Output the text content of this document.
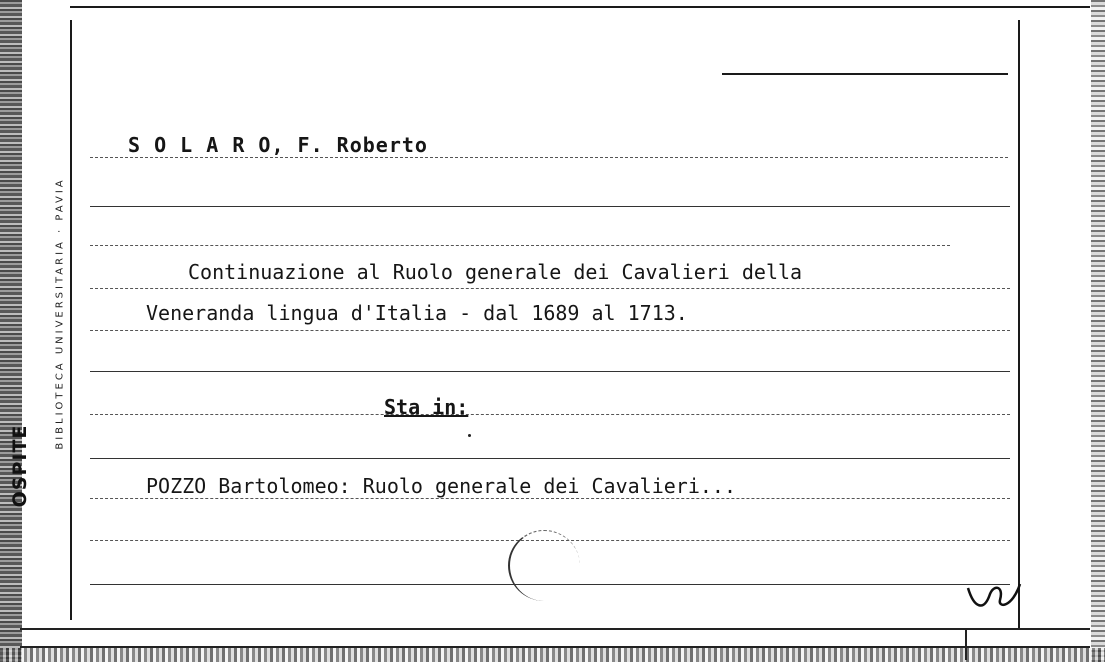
BIBLIOTECA UNIVERSITARIA · PAVIA
OSPITE
S O L A R O, F. Roberto
Continuazione al Ruolo generale dei Cavalieri della
Veneranda lingua d'Italia - dal 1689 al 1713.
Sta in:
POZZO Bartolomeo: Ruolo generale dei Cavalieri...
